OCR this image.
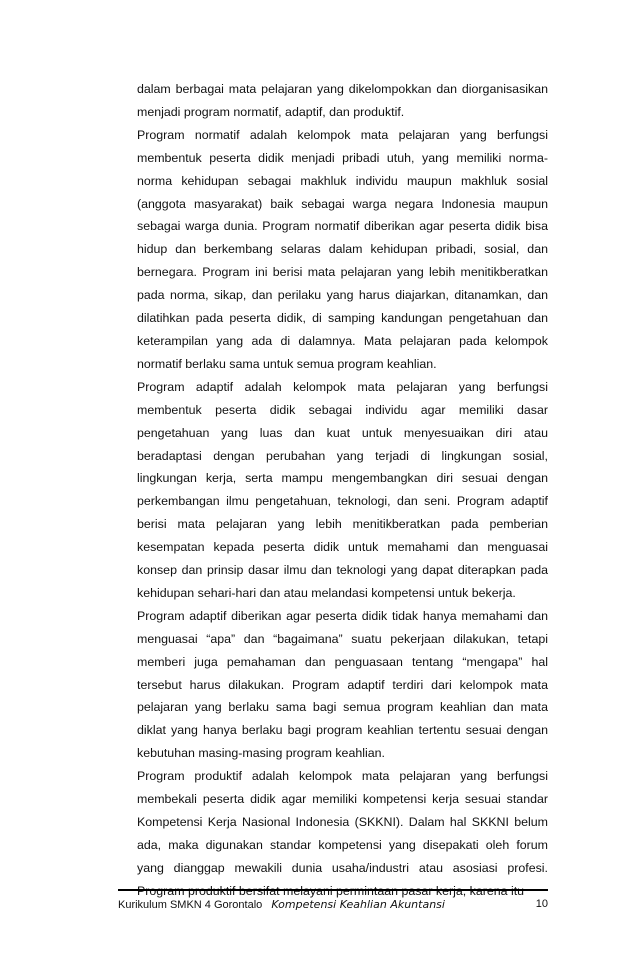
dalam berbagai mata pelajaran yang dikelompokkan dan diorganisasikan menjadi program normatif, adaptif, dan produktif.

Program normatif adalah kelompok mata pelajaran yang berfungsi membentuk peserta didik menjadi pribadi utuh, yang memiliki norma-norma kehidupan sebagai makhluk individu maupun makhluk sosial (anggota masyarakat) baik sebagai warga negara Indonesia maupun sebagai warga dunia. Program normatif diberikan agar peserta didik bisa hidup dan berkembang selaras dalam kehidupan pribadi, sosial, dan bernegara. Program ini berisi mata pelajaran yang lebih menitikberatkan pada norma, sikap, dan perilaku yang harus diajarkan, ditanamkan, dan dilatihkan pada peserta didik, di samping kandungan pengetahuan dan keterampilan yang ada di dalamnya. Mata pelajaran pada kelompok normatif berlaku sama untuk semua program keahlian.

Program adaptif adalah kelompok mata pelajaran yang berfungsi membentuk peserta didik sebagai individu agar memiliki dasar pengetahuan yang luas dan kuat untuk menyesuaikan diri atau beradaptasi dengan perubahan yang terjadi di lingkungan sosial, lingkungan kerja, serta mampu mengembangkan diri sesuai dengan perkembangan ilmu pengetahuan, teknologi, dan seni. Program adaptif berisi mata pelajaran yang lebih menitikberatkan pada pemberian kesempatan kepada peserta didik untuk memahami dan menguasai konsep dan prinsip dasar ilmu dan teknologi yang dapat diterapkan pada kehidupan sehari-hari dan atau melandasi kompetensi untuk bekerja.

Program adaptif diberikan agar peserta didik tidak hanya memahami dan menguasai “apa” dan “bagaimana” suatu pekerjaan dilakukan, tetapi memberi juga pemahaman dan penguasaan tentang “mengapa” hal tersebut harus dilakukan. Program adaptif terdiri dari kelompok mata pelajaran yang berlaku sama bagi semua program keahlian dan mata diklat yang hanya berlaku bagi program keahlian tertentu sesuai dengan kebutuhan masing-masing program keahlian.

Program produktif adalah kelompok mata pelajaran yang berfungsi membekali peserta didik agar memiliki kompetensi kerja sesuai standar Kompetensi Kerja Nasional Indonesia (SKKNI). Dalam hal SKKNI belum ada, maka digunakan standar kompetensi yang disepakati oleh forum yang dianggap mewakili dunia usaha/industri atau asosiasi profesi. Program produktif bersifat melayani permintaan pasar kerja, karena itu

Kurikulum SMKN 4 Gorontalo Kompetensi Keahlian Akuntansi	10
